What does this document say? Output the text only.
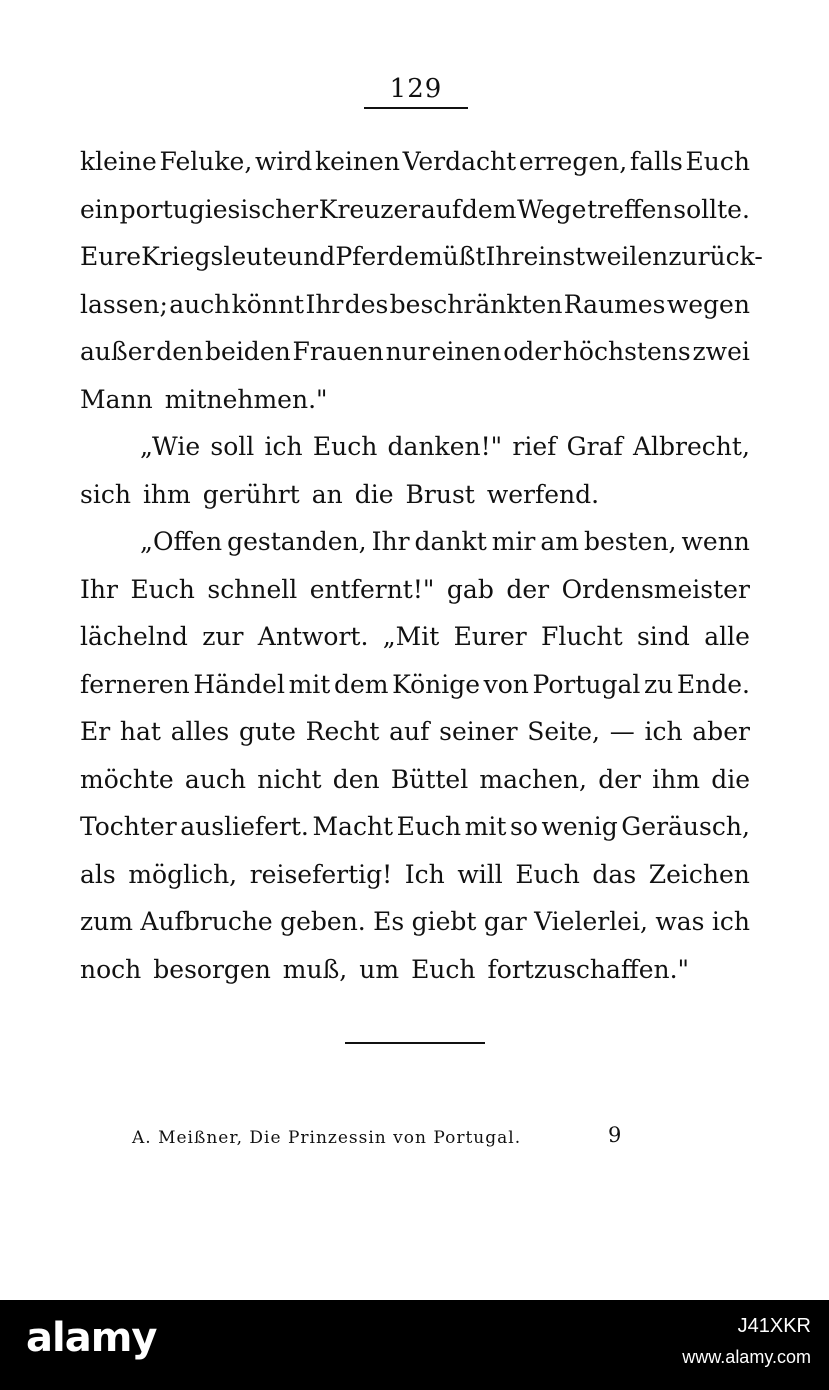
129
kleine Feluke, wird keinen Verdacht erregen, falls Euch
ein portugiesischer Kreuzer auf dem Wege treffen sollte.
Eure Kriegsleute und Pferde müßt Ihr einstweilen zurück-
lassen; auch könnt Ihr des beschränkten Raumes wegen
außer den beiden Frauen nur einen oder höchstens zwei
Mann mitnehmen."
„Wie soll ich Euch danken!" rief Graf Albrecht,
sich ihm gerührt an die Brust werfend.
„Offen gestanden, Ihr dankt mir am besten, wenn
Ihr Euch schnell entfernt!" gab der Ordensmeister
lächelnd zur Antwort. „Mit Eurer Flucht sind alle
ferneren Händel mit dem Könige von Portugal zu Ende.
Er hat alles gute Recht auf seiner Seite, — ich aber
möchte auch nicht den Büttel machen, der ihm die
Tochter ausliefert. Macht Euch mit so wenig Geräusch,
als möglich, reisefertig! Ich will Euch das Zeichen
zum Aufbruche geben. Es giebt gar Vielerlei, was ich
noch besorgen muß, um Euch fortzuschaffen."
A. Meißner, Die Prinzessin von Portugal.	9
alamy	J41XKR
www.alamy.com
